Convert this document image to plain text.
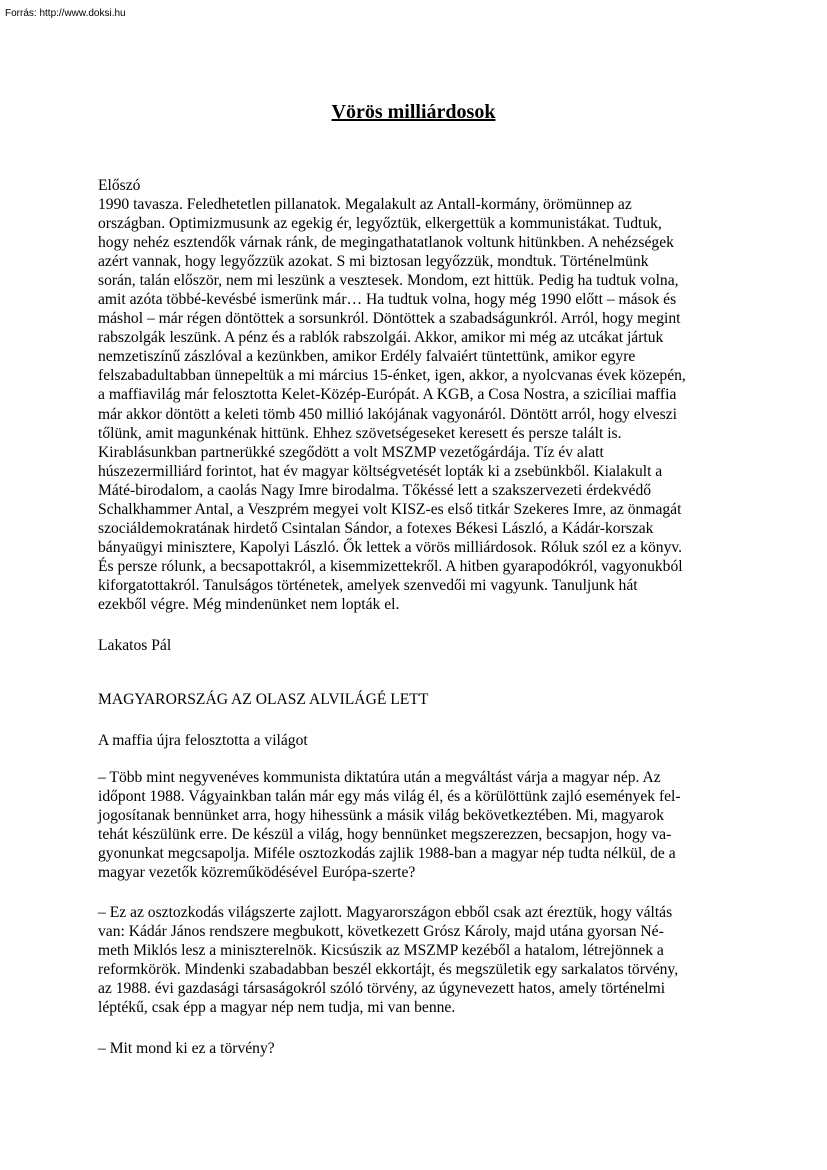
Forrás: http://www.doksi.hu
Vörös milliárdosok
Előszó
1990 tavasza. Feledhetetlen pillanatok. Megalakult az Antall-kormány, örömünnep az
országban. Optimizmusunk az egekig ér, legyőztük, elkergettük a kommunistákat. Tudtuk,
hogy nehéz esztendők várnak ránk, de megingathatatlanok voltunk hitünkben. A nehézségek
azért vannak, hogy legyőzzük azokat. S mi biztosan legyőzzük, mondtuk. Történelmünk
során, talán először, nem mi leszünk a vesztesek. Mondom, ezt hittük. Pedig ha tudtuk volna,
amit azóta többé-kevésbé ismerünk már… Ha tudtuk volna, hogy még 1990 előtt – mások és
máshol – már régen döntöttek a sorsunkról. Döntöttek a szabadságunkról. Arról, hogy megint
rabszolgák leszünk. A pénz és a rablók rabszolgái. Akkor, amikor mi még az utcákat jártuk
nemzetiszínű zászlóval a kezünkben, amikor Erdély falvaiért tüntettünk, amikor egyre
felszabadultabban ünnepeltük a mi március 15-énket, igen, akkor, a nyolcvanas évek közepén,
a maffiavilág már felosztotta Kelet-Közép-Európát. A KGB, a Cosa Nostra, a szicíliai maffia
már akkor döntött a keleti tömb 450 millió lakójának vagyonáról. Döntött arról, hogy elveszi
tőlünk, amit magunkénak hittünk. Ehhez szövetségeseket keresett és persze talált is.
Kirablásunkban partnerükké szegődött a volt MSZMP vezetőgárdája. Tíz év alatt
húszezermilliárd forintot, hat év magyar költségvetését lopták ki a zsebünkből. Kialakult a
Máté-birodalom, a caolás Nagy Imre birodalma. Tőkéssé lett a szakszervezeti érdekvédő
Schalkhammer Antal, a Veszprém megyei volt KISZ-es első titkár Szekeres Imre, az önmagát
szociáldemokratának hirdető Csintalan Sándor, a fotexes Békesi László, a Kádár-korszak
bányaügyi minisztere, Kapolyi László. Ők lettek a vörös milliárdosok. Róluk szól ez a könyv.
És persze rólunk, a becsapottakról, a kisemmizettekről. A hitben gyarapodókról, vagyonukból
kiforgatottakról. Tanulságos történetek, amelyek szenvedői mi vagyunk. Tanuljunk hát
ezekből végre. Még mindenünket nem lopták el.
Lakatos Pál
MAGYARORSZÁG AZ OLASZ ALVILÁGÉ LETT
A maffia újra felosztotta a világot
– Több mint negyvenéves kommunista diktatúra után a megváltást várja a magyar nép. Az
időpont 1988. Vágyainkban talán már egy más világ él, és a körülöttünk zajló események fel-
jogosítanak bennünket arra, hogy hihessünk a másik világ bekövetkeztében. Mi, magyarok
tehát készülünk erre. De készül a világ, hogy bennünket megszerezzen, becsapjon, hogy va-
gyonunkat megcsapolja. Miféle osztozkodás zajlik 1988-ban a magyar nép tudta nélkül, de a
magyar vezetők közreműködésével Európa-szerte?
– Ez az osztozkodás világszerte zajlott. Magyarországon ebből csak azt éreztük, hogy váltás
van: Kádár János rendszere megbukott, következett Grósz Károly, majd utána gyorsan Né-
meth Miklós lesz a miniszterelnök. Kicsúszik az MSZMP kezéből a hatalom, létrejönnek a
reformkörök. Mindenki szabadabban beszél ekkortájt, és megszületik egy sarkalatos törvény,
az 1988. évi gazdasági társaságokról szóló törvény, az úgynevezett hatos, amely történelmi
léptékű, csak épp a magyar nép nem tudja, mi van benne.
– Mit mond ki ez a törvény?
